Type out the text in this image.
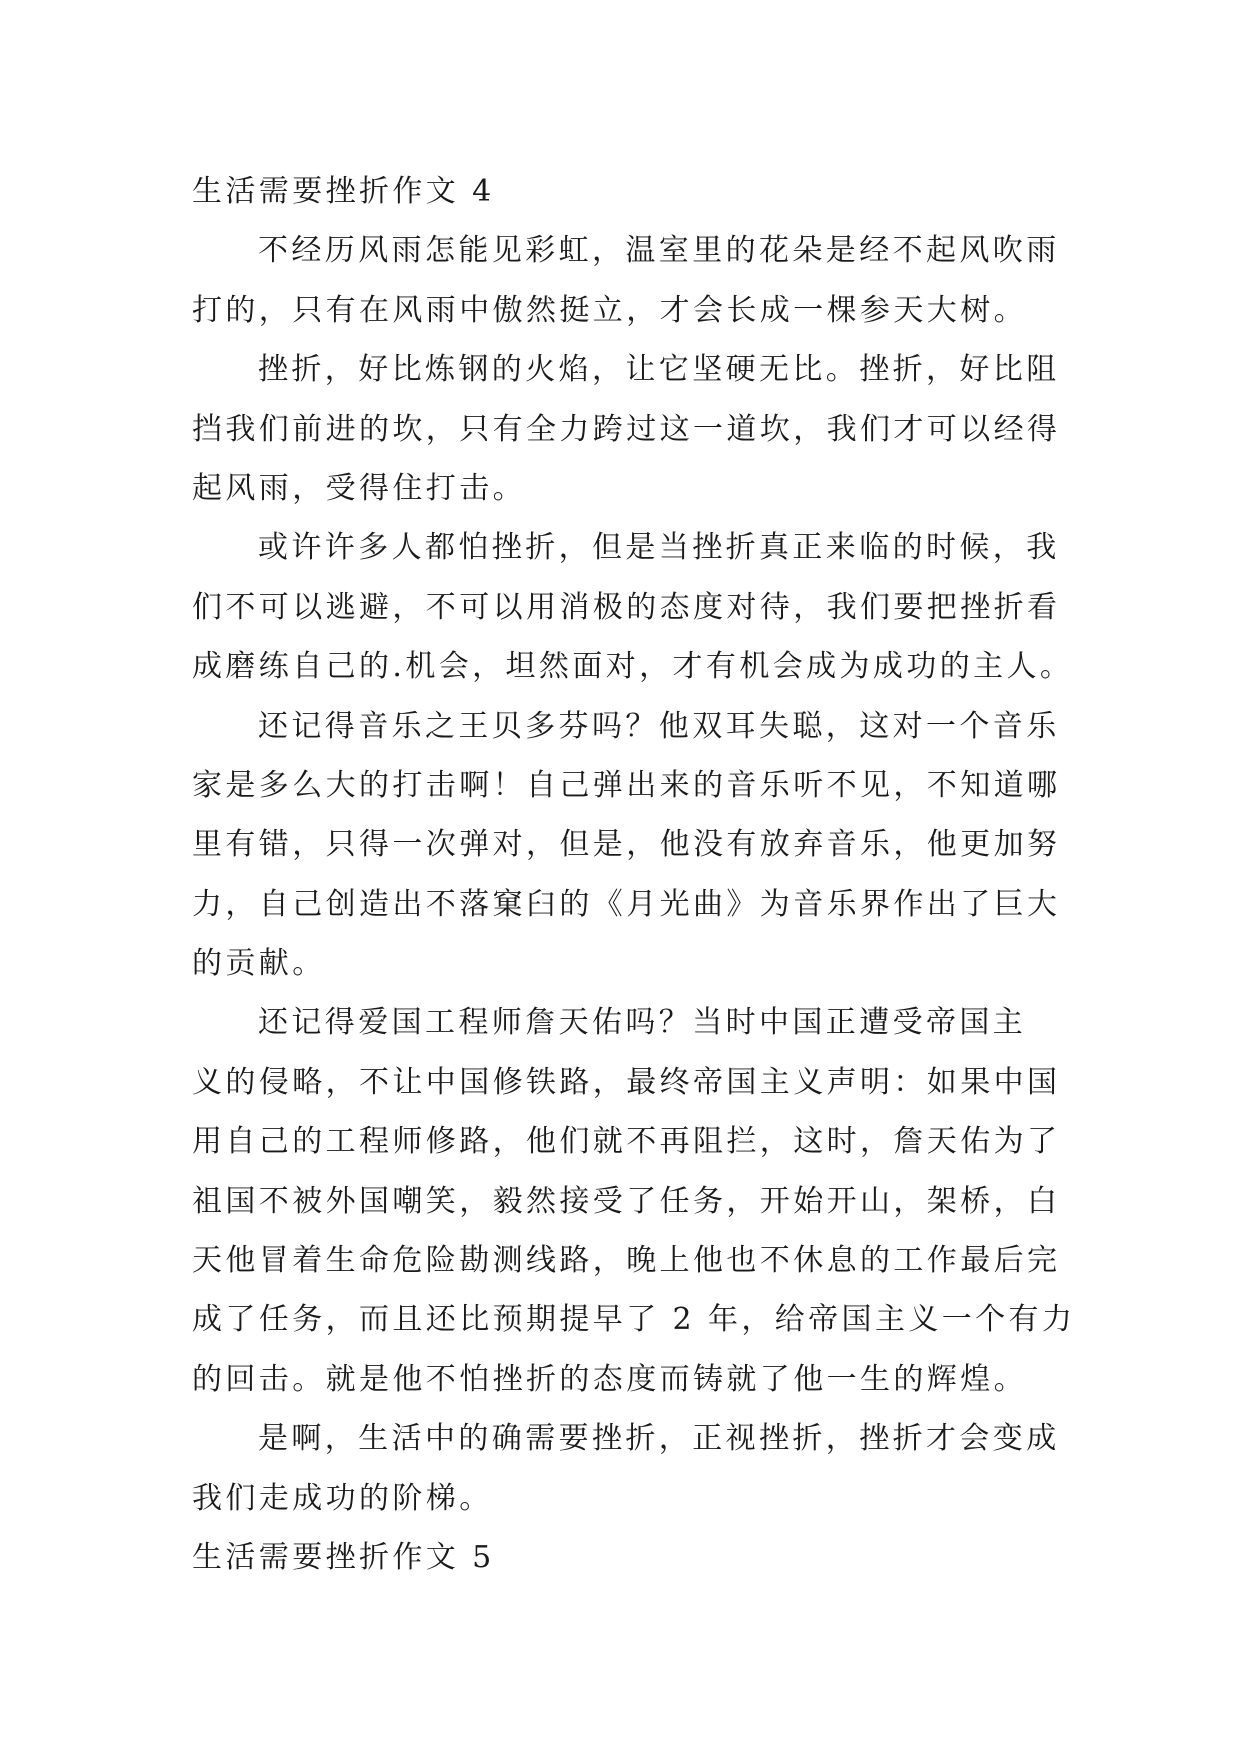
生活需要挫折作文 4
不经历风雨怎能见彩虹，温室里的花朵是经不起风吹雨
打的，只有在风雨中傲然挺立，才会长成一棵参天大树。
挫折，好比炼钢的火焰，让它坚硬无比。挫折，好比阻
挡我们前进的坎，只有全力跨过这一道坎，我们才可以经得
起风雨，受得住打击。
或许许多人都怕挫折，但是当挫折真正来临的时候，我
们不可以逃避，不可以用消极的态度对待，我们要把挫折看
成磨练自己的.机会，坦然面对，才有机会成为成功的主人。
还记得音乐之王贝多芬吗？他双耳失聪，这对一个音乐
家是多么大的打击啊！自己弹出来的音乐听不见，不知道哪
里有错，只得一次弹对，但是，他没有放弃音乐，他更加努
力，自己创造出不落窠臼的《月光曲》为音乐界作出了巨大
的贡献。
还记得爱国工程师詹天佑吗？当时中国正遭受帝国主
义的侵略，不让中国修铁路，最终帝国主义声明：如果中国
用自己的工程师修路，他们就不再阻拦，这时，詹天佑为了
祖国不被外国嘲笑，毅然接受了任务，开始开山，架桥，白
天他冒着生命危险勘测线路，晚上他也不休息的工作最后完
成了任务，而且还比预期提早了 2 年，给帝国主义一个有力
的回击。就是他不怕挫折的态度而铸就了他一生的辉煌。
是啊，生活中的确需要挫折，正视挫折，挫折才会变成
我们走成功的阶梯。
生活需要挫折作文 5
